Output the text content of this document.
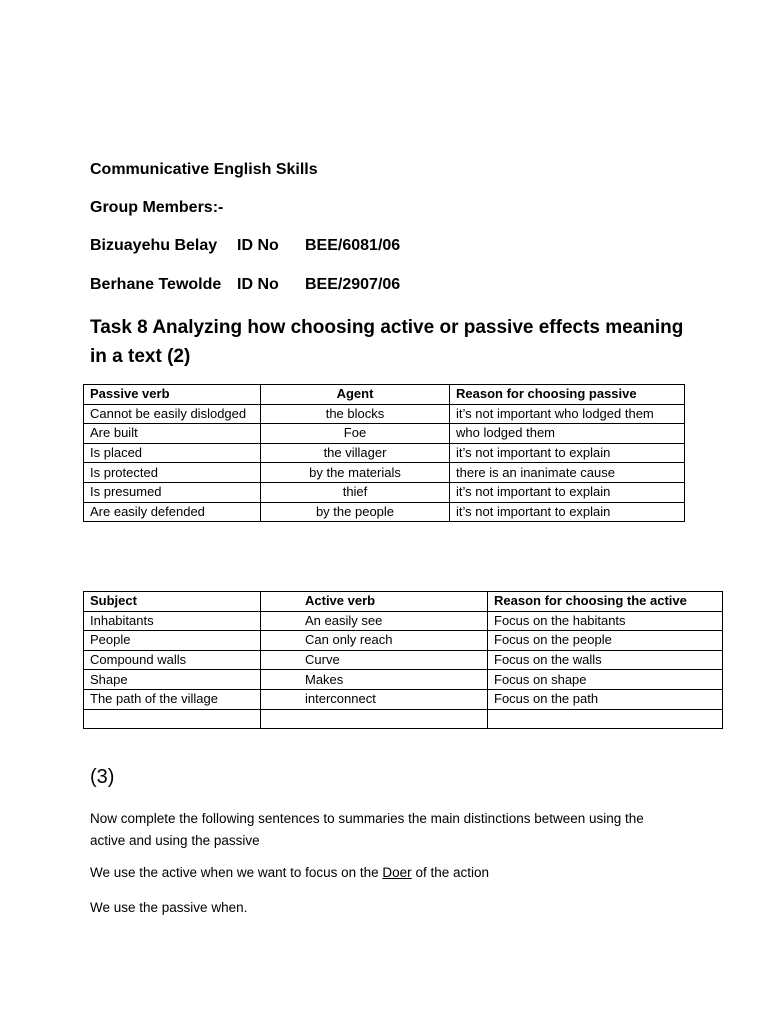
Communicative English Skills
Group Members:-
Bizuayehu Belay ID No BEE/6081/06
Berhane Tewolde ID No BEE/2907/06
Task 8 Analyzing how choosing active or passive effects meaning in a text (2)
Passive verb	Agent	Reason for choosing passive
Cannot be easily dislodged	the blocks	it’s not important who lodged them
Are built	Foe	who lodged them
Is placed	the villager	it’s not important to explain
Is protected	by the materials	there is an inanimate cause
Is presumed	thief	it’s not important to explain
Are easily defended	by the people	it’s not important to explain
Subject	Active verb	Reason for choosing the active
Inhabitants	An easily see	Focus on the habitants
People	Can only reach	Focus on the people
Compound walls	Curve	Focus on the walls
Shape	Makes	Focus on shape
The path of the village	interconnect	Focus on the path

(3)
Now complete the following sentences to summaries the main distinctions between using the active and using the passive
We use the active when we want to focus on the Doer of the action
We use the passive when.
